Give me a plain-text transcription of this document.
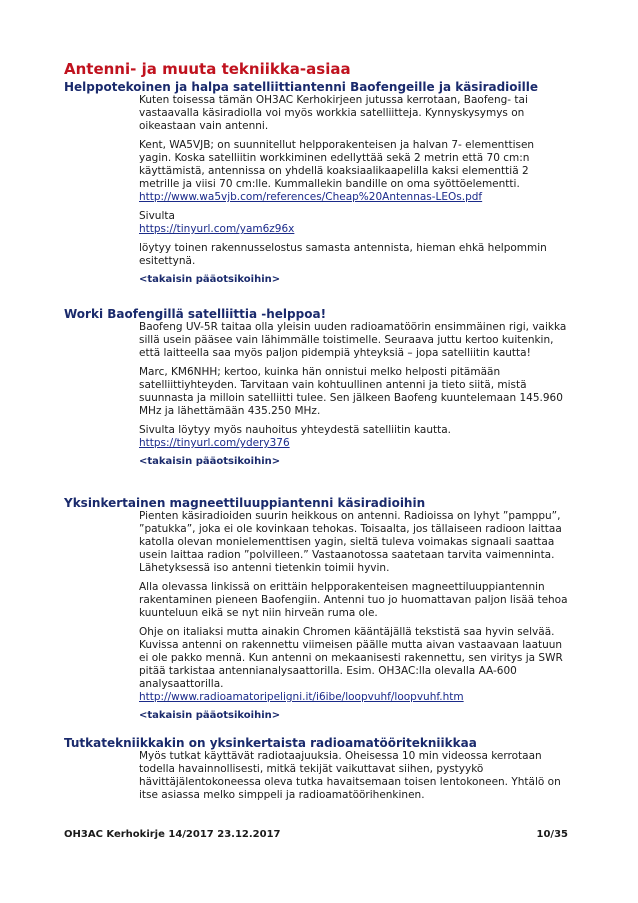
Antenni- ja muuta tekniikka-asiaa
Helppotekoinen ja halpa satelliittiantenni Baofengeille ja käsiradioille

Kuten toisessa tämän OH3AC Kerhokirjeen jutussa kerrotaan, Baofeng- tai vastaavalla käsiradiolla voi myös workkia satelliitteja. Kynnyskysymys on oikeastaan vain antenni.

Kent, WA5VJB; on suunnitellut helpporakenteisen ja halvan 7- elementtisen yagin. Koska satelliitin workkiminen edellyttää sekä 2 metrin että 70 cm:n käyttämistä, antennissa on yhdellä koaksiaalikaapelilla kaksi elementtiä 2 metrille ja viisi 70 cm:lle. Kummallekin bandille on oma syöttöelementti.
http://www.wa5vjb.com/references/Cheap%20Antennas-LEOs.pdf

Sivulta
https://tinyurl.com/yam6z96x

löytyy toinen rakennusselostus samasta antennista, hieman ehkä helpommin esitettynä.

<takaisin pääotsikoihin>

Worki Baofengillä satelliittia -helppoa!

Baofeng UV-5R taitaa olla yleisin uuden radioamatöörin ensimmäinen rigi, vaikka sillä usein pääsee vain lähimmälle toistimelle. Seuraava juttu kertoo kuitenkin, että laitteella saa myös paljon pidempiä yhteyksiä – jopa satelliitin kautta!

Marc, KM6NHH; kertoo, kuinka hän onnistui melko helposti pitämään satelliittiyhteyden. Tarvitaan vain kohtuullinen antenni ja tieto siitä, mistä suunnasta ja milloin satelliitti tulee. Sen jälkeen Baofeng kuuntelemaan 145.960 MHz ja lähettämään 435.250 MHz.

Sivulta löytyy myös nauhoitus yhteydestä satelliitin kautta.
https://tinyurl.com/ydery376

<takaisin pääotsikoihin>

Yksinkertainen magneettiluuppiantenni käsiradioihin

Pienten käsiradioiden suurin heikkous on antenni. Radioissa on lyhyt ”pamppu”, ”patukka”, joka ei ole kovinkaan tehokas. Toisaalta, jos tällaiseen radioon laittaa katolla olevan monielementtisen yagin, sieltä tuleva voimakas signaali saattaa usein laittaa radion ”polvilleen.” Vastaanotossa saatetaan tarvita vaimenninta. Lähetyksessä iso antenni tietenkin toimii hyvin.

Alla olevassa linkissä on erittäin helpporakenteisen magneettiluuppiantennin rakentaminen pieneen Baofengiin. Antenni tuo jo huomattavan paljon lisää tehoa kuunteluun eikä se nyt niin hirveän ruma ole.

Ohje on italiaksi mutta ainakin Chromen kääntäjällä tekstistä saa hyvin selvää. Kuvissa antenni on rakennettu viimeisen päälle mutta aivan vastaavaan laatuun ei ole pakko mennä. Kun antenni on mekaanisesti rakennettu, sen viritys ja SWR pitää tarkistaa antennianalysaattorilla. Esim. OH3AC:lla olevalla AA-600 analysaattorilla.
http://www.radioamatoripeligni.it/i6ibe/loopvuhf/loopvuhf.htm

<takaisin pääotsikoihin>

Tutkatekniikkakin on yksinkertaista radioamatööritekniikkaa

Myös tutkat käyttävät radiotaajuuksia. Oheisessa 10 min videossa kerrotaan todella havainnollisesti, mitkä tekijät vaikuttavat siihen, pystyykö hävittäjälentokoneessa oleva tutka havaitsemaan toisen lentokoneen. Yhtälö on itse asiassa melko simppeli ja radioamatöörihenkinen.

OH3AC Kerhokirje 14/2017 23.12.2017	10/35
